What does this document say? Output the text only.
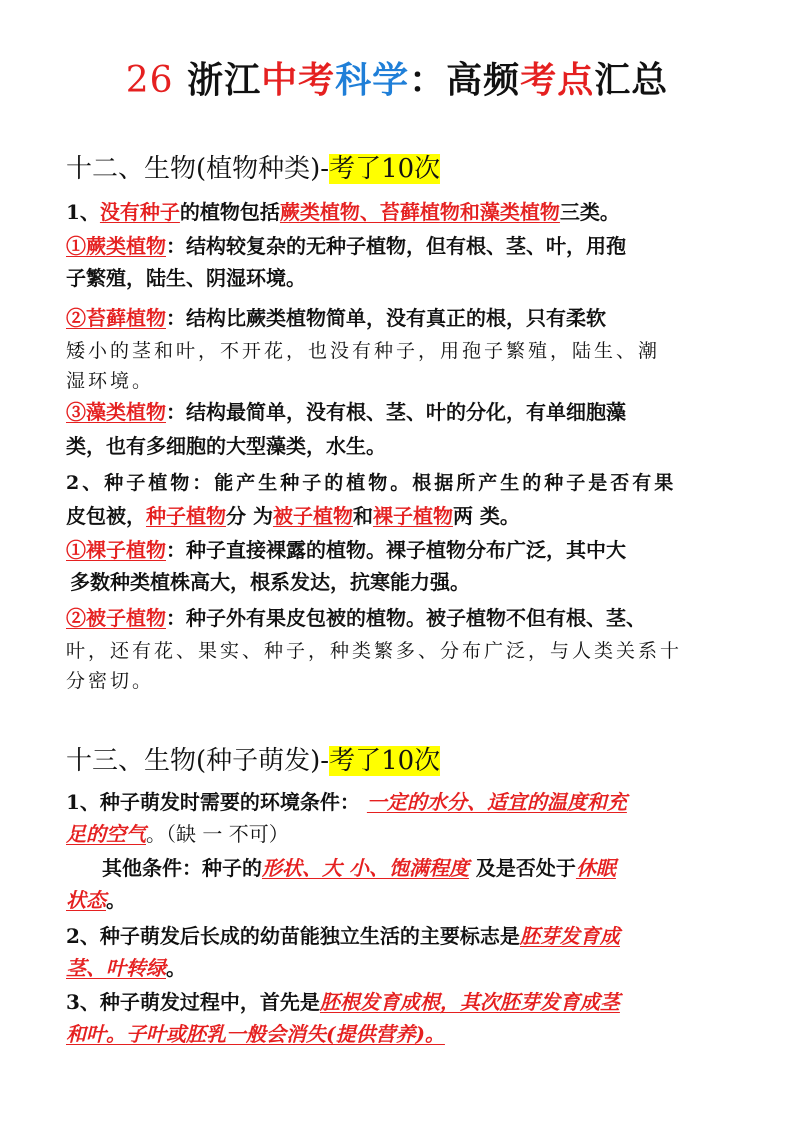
26 浙江中考科学：高频考点汇总
十二、生物(植物种类)-考了10次
1、没有种子的植物包括蕨类植物、苔藓植物和藻类植物三类。
①蕨类植物：结构较复杂的无种子植物，但有根、茎、叶，用孢
子繁殖，陆生、阴湿环境。
②苔藓植物：结构比蕨类植物简单，没有真正的根，只有柔软
矮小的茎和叶，不开花，也没有种子，用孢子繁殖，陆生、潮
湿环境。
③藻类植物：结构最简单，没有根、茎、叶的分化，有单细胞藻
类，也有多细胞的大型藻类，水生。
2、种子植物：能产生种子的植物。根据所产生的种子是否有果
皮包被，种子植物分 为被子植物和裸子植物两 类。
①裸子植物：种子直接裸露的植物。裸子植物分布广泛，其中大
多数种类植株高大，根系发达，抗寒能力强。
②被子植物：种子外有果皮包被的植物。被子植物不但有根、茎、
叶，还有花、果实、种子，种类繁多、分布广泛，与人类关系十
分密切。
十三、生物(种子萌发)-考了10次
1、种子萌发时需要的环境条件： 一定的水分、适宜的温度和充
足的空气。（缺 一 不可）
其他条件：种子的形状、大 小、饱满程度 及是否处于休眠
状态。
2、种子萌发后长成的幼苗能独立生活的主要标志是胚芽发育成
茎、叶转绿。
3、种子萌发过程中，首先是胚根发育成根，其次胚芽发育成茎
和叶。子叶或胚乳一般会消失(提供营养)。
